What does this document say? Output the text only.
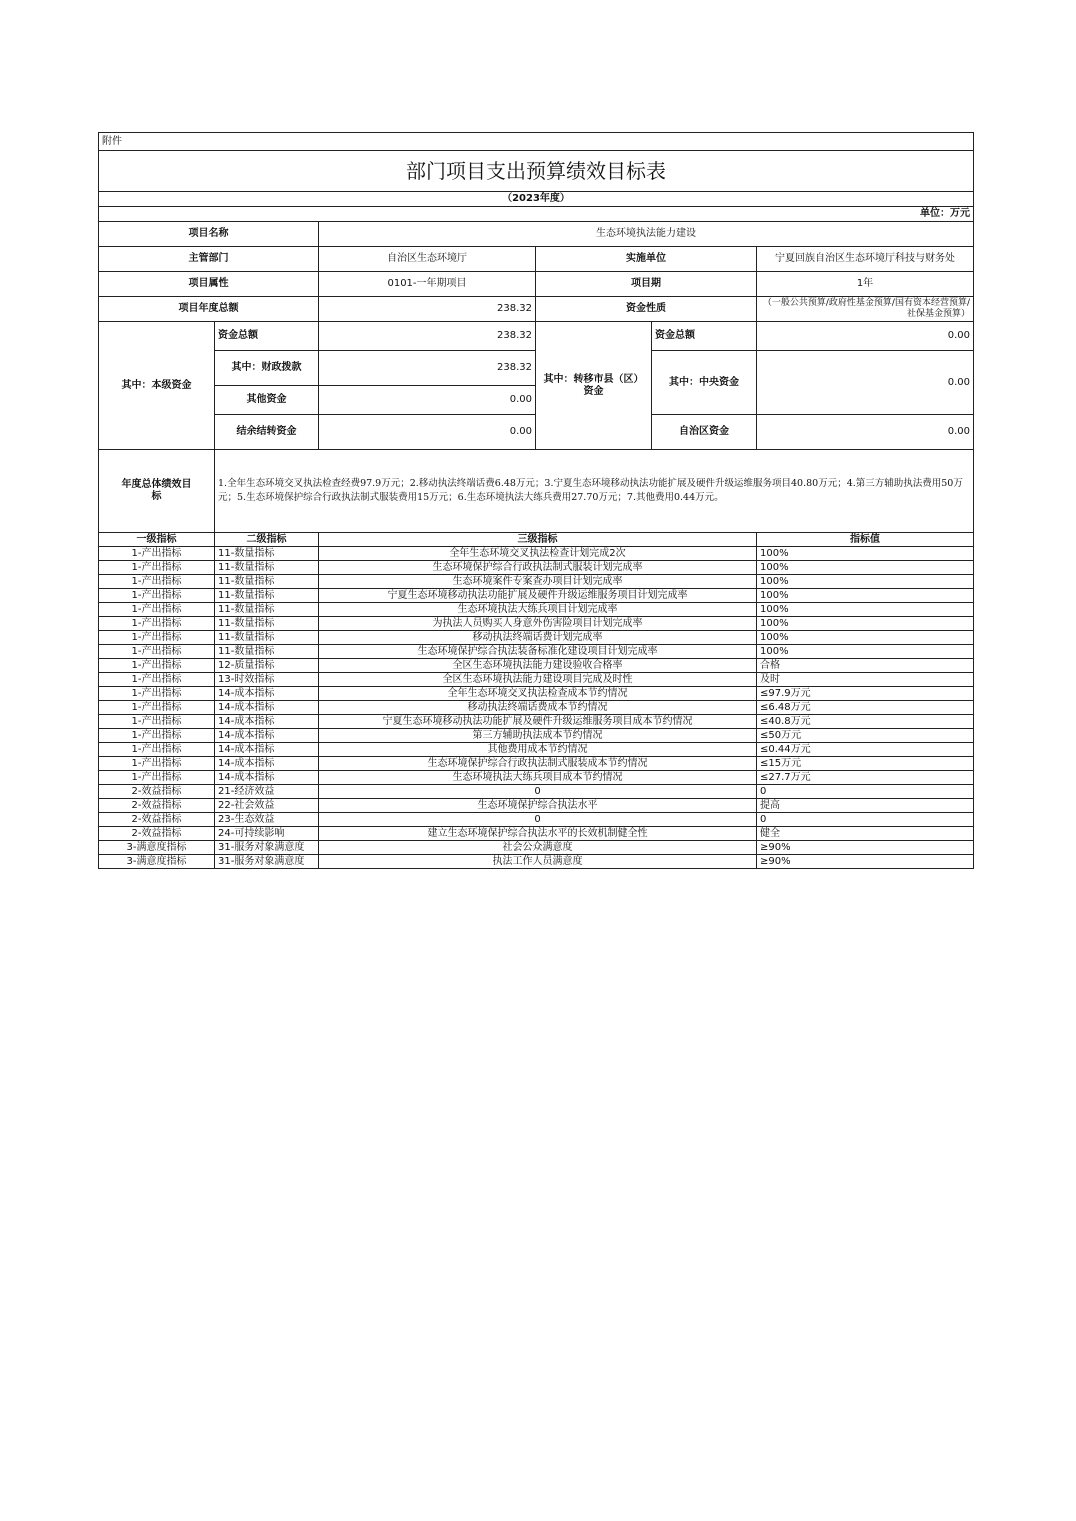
附件					
部门项目支出预算绩效目标表					
（2023年度）					
单位：万元					
项目名称		生态环境执法能力建设			
主管部门		自治区生态环境厅	实施单位		宁夏回族自治区生态环境厅科技与财务处
项目属性		0101-一年期项目	项目期		1年
项目年度总额		238.32	资金性质		（一般公共预算/政府性基金预算/国有资本经营预算/社保基金预算）
其中：本级资金	资金总额	238.32	其中：转移市县（区）资金	资金总额	0.00
	其中：财政拨款	238.32		其中：中央资金	0.00
	其他资金	0.00			
	结余结转资金	0.00		自治区资金	0.00
年度总体绩效目标	1.全年生态环境交叉执法检查经费97.9万元；2.移动执法终端话费6.48万元；3.宁夏生态环境移动执法功能扩展及硬件升级运维服务项目40.80万元；4.第三方辅助执法费用50万元；5.生态环境保护综合行政执法制式服装费用15万元；6.生态环境执法大练兵费用27.70万元；7.其他费用0.44万元。				
一级指标	二级指标	三级指标	指标值
1-产出指标	11-数量指标	全年生态环境交叉执法检查计划完成2次	100%
1-产出指标	11-数量指标	生态环境保护综合行政执法制式服装计划完成率	100%
1-产出指标	11-数量指标	生态环境案件专案查办项目计划完成率	100%
1-产出指标	11-数量指标	宁夏生态环境移动执法功能扩展及硬件升级运维服务项目计划完成率	100%
1-产出指标	11-数量指标	生态环境执法大练兵项目计划完成率	100%
1-产出指标	11-数量指标	为执法人员购买人身意外伤害险项目计划完成率	100%
1-产出指标	11-数量指标	移动执法终端话费计划完成率	100%
1-产出指标	11-数量指标	生态环境保护综合执法装备标准化建设项目计划完成率	100%
1-产出指标	12-质量指标	全区生态环境执法能力建设验收合格率	合格
1-产出指标	13-时效指标	全区生态环境执法能力建设项目完成及时性	及时
1-产出指标	14-成本指标	全年生态环境交叉执法检查成本节约情况	≤97.9万元
1-产出指标	14-成本指标	移动执法终端话费成本节约情况	≤6.48万元
1-产出指标	14-成本指标	宁夏生态环境移动执法功能扩展及硬件升级运维服务项目成本节约情况	≤40.8万元
1-产出指标	14-成本指标	第三方辅助执法成本节约情况	≤50万元
1-产出指标	14-成本指标	其他费用成本节约情况	≤0.44万元
1-产出指标	14-成本指标	生态环境保护综合行政执法制式服装成本节约情况	≤15万元
1-产出指标	14-成本指标	生态环境执法大练兵项目成本节约情况	≤27.7万元
2-效益指标	21-经济效益	0	0
2-效益指标	22-社会效益	生态环境保护综合执法水平	提高
2-效益指标	23-生态效益	0	0
2-效益指标	24-可持续影响	建立生态环境保护综合执法水平的长效机制健全性	健全
3-满意度指标	31-服务对象满意度	社会公众满意度	≥90%
3-满意度指标	31-服务对象满意度	执法工作人员满意度	≥90%
